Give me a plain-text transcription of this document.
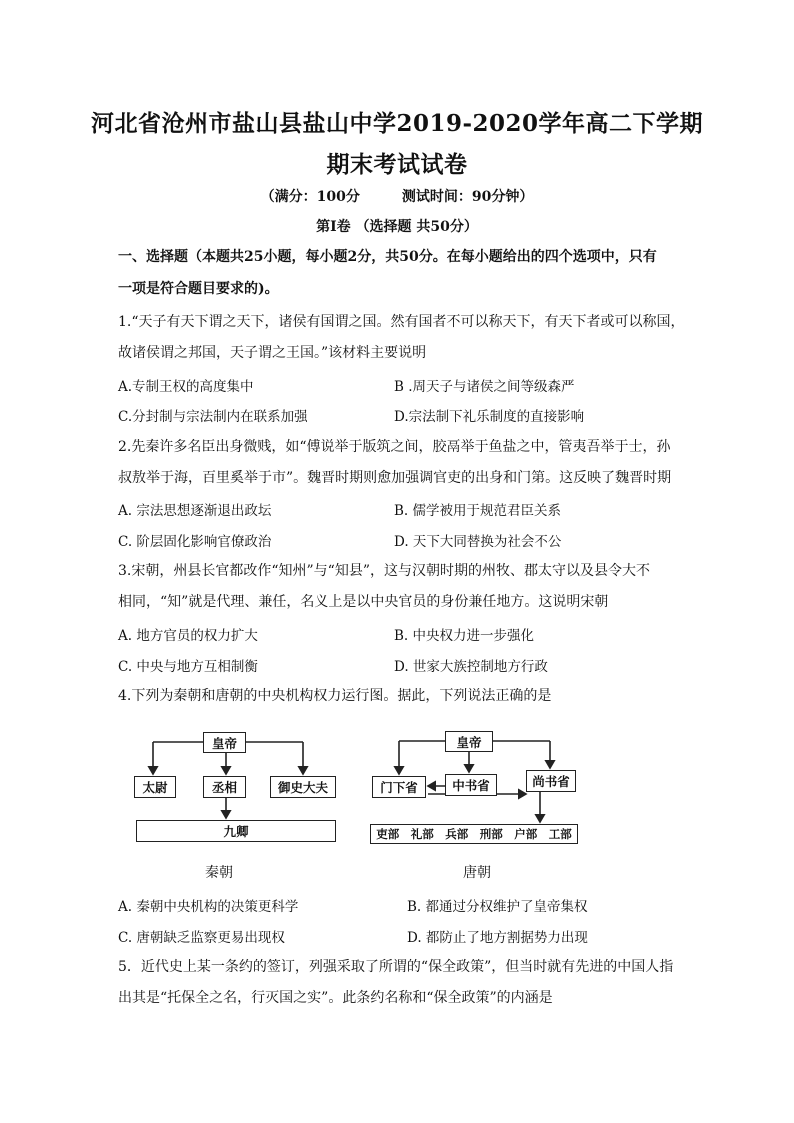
河北省沧州市盐山县盐山中学2019-2020学年高二下学期
期末考试试卷
（满分：100分　　　测试时间：90分钟）
第Ⅰ卷 （选择题 共50分）
一、选择题（本题共25小题，每小题2分，共50分。在每小题给出的四个选项中，只有
一项是符合题目要求的)。
1.“天子有天下谓之天下，诸侯有国谓之国。然有国者不可以称天下，有天下者或可以称国，
故诸侯谓之邦国，天子谓之王国。”该材料主要说明
A.专制王权的高度集中	B .周天子与诸侯之间等级森严
C.分封制与宗法制内在联系加强	D.宗法制下礼乐制度的直接影响
2.先秦许多名臣出身微贱，如“傅说举于版筑之间，胶鬲举于鱼盐之中，管夷吾举于士，孙
叔敖举于海，百里奚举于市”。魏晋时期则愈加强调官吏的出身和门第。这反映了魏晋时期
A. 宗法思想逐渐退出政坛	B. 儒学被用于规范君臣关系
C. 阶层固化影响官僚政治	D. 天下大同替换为社会不公
3.宋朝，州县长官都改作“知州”与“知县”，这与汉朝时期的州牧、郡太守以及县令大不
相同，“知”就是代理、兼任，名义上是以中央官员的身份兼任地方。这说明宋朝
A. 地方官员的权力扩大	B. 中央权力进一步强化
C. 中央与地方互相制衡	D. 世家大族控制地方行政
4.下列为秦朝和唐朝的中央机构权力运行图。据此，下列说法正确的是
皇帝
太尉	丞相	御史大夫
九卿
秦朝
皇帝
门下省	中书省	尚书省
吏部　礼部　兵部　刑部　户部　工部
唐朝
A. 秦朝中央机构的决策更科学	B. 都通过分权维护了皇帝集权
C. 唐朝缺乏监察更易出现权	D. 都防止了地方割据势力出现
5．近代史上某一条约的签订，列强采取了所谓的“保全政策”，但当时就有先进的中国人指
出其是“托保全之名，行灭国之实”。此条约名称和“保全政策”的内涵是
